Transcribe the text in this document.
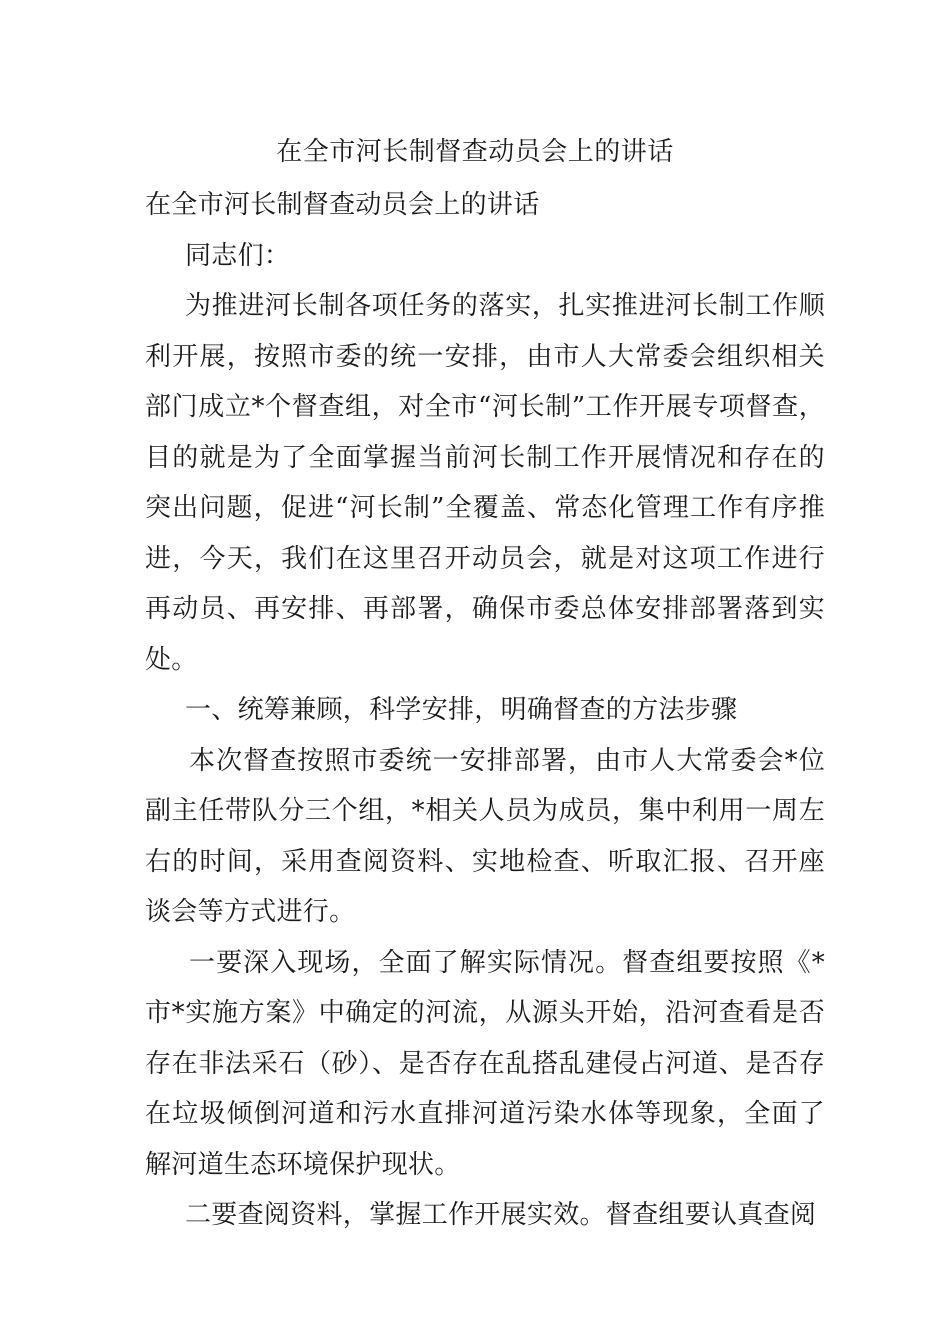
在全市河长制督查动员会上的讲话

在全市河长制督查动员会上的讲话

同志们：

为推进河长制各项任务的落实，扎实推进河长制工作顺利开展，按照市委的统一安排，由市人大常委会组织相关部门成立*个督查组，对全市“河长制”工作开展专项督查，目的就是为了全面掌握当前河长制工作开展情况和存在的突出问题，促进“河长制”全覆盖、常态化管理工作有序推进，今天，我们在这里召开动员会，就是对这项工作进行再动员、再安排、再部署，确保市委总体安排部署落到实处。

一、统筹兼顾，科学安排，明确督查的方法步骤

本次督查按照市委统一安排部署，由市人大常委会*位副主任带队分三个组，*相关人员为成员，集中利用一周左右的时间，采用查阅资料、实地检查、听取汇报、召开座谈会等方式进行。

一要深入现场，全面了解实际情况。督查组要按照《*市*实施方案》中确定的河流，从源头开始，沿河查看是否存在非法采石（砂）、是否存在乱搭乱建侵占河道、是否存在垃圾倾倒河道和污水直排河道污染水体等现象，全面了解河道生态环境保护现状。

二要查阅资料，掌握工作开展实效。督查组要认真查阅
